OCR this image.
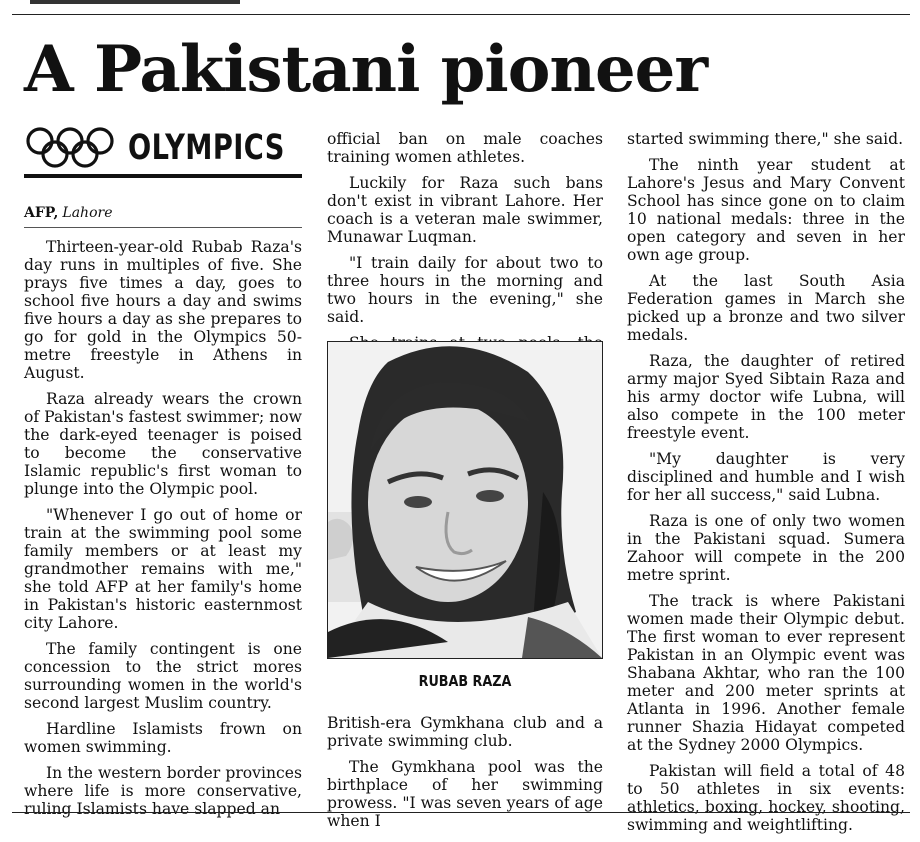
A Pakistani pioneer
OLYMPICS
AFP, Lahore

Thirteen-year-old Rubab Raza's day runs in multiples of five. She prays five times a day, goes to school five hours a day and swims five hours a day as she prepares to go for gold in the Olympics 50-metre freestyle in Athens in August.

Raza already wears the crown of Pakistan's fastest swimmer; now the dark-eyed teenager is poised to become the conservative Islamic republic's first woman to plunge into the Olympic pool.

"Whenever I go out of home or train at the swimming pool some family members or at least my grandmother remains with me," she told AFP at her family's home in Pakistan's historic easternmost city Lahore.

The family contingent is one concession to the strict mores surrounding women in the world's second largest Muslim country.

Hardline Islamists frown on women swimming.

In the western border provinces where life is more conservative, ruling Islamists have slapped an

official ban on male coaches training women athletes.

Luckily for Raza such bans don't exist in vibrant Lahore. Her coach is a veteran male swimmer, Munawar Luqman.

"I train daily for about two to three hours in the morning and two hours in the evening," she said.

RUBAB RAZA

British-era Gymkhana club and a private swimming club.

The Gymkhana pool was the birthplace of her swimming prowess. "I was seven years of age when I

started swimming there," she said.

The ninth year student at Lahore's Jesus and Mary Convent School has since gone on to claim 10 national medals: three in the open category and seven in her own age group.

At the last South Asia Federation games in March she picked up a bronze and two silver medals.

Raza, the daughter of retired army major Syed Sibtain Raza and his army doctor wife Lubna, will also compete in the 100 meter freestyle event.

"My daughter is very disciplined and humble and I wish for her all success," said Lubna.

Raza is one of only two women in the Pakistani squad. Sumera Zahoor will compete in the 200 metre sprint.

The track is where Pakistani women made their Olympic debut. The first woman to ever represent Pakistan in an Olympic event was Shabana Akhtar, who ran the 100 meter and 200 meter sprints at Atlanta in 1996. Another female runner Shazia Hidayat competed at the Sydney 2000 Olympics.

Pakistan will field a total of 48 to 50 athletes in six events: athletics, boxing, hockey, shooting, swimming and weightlifting.
